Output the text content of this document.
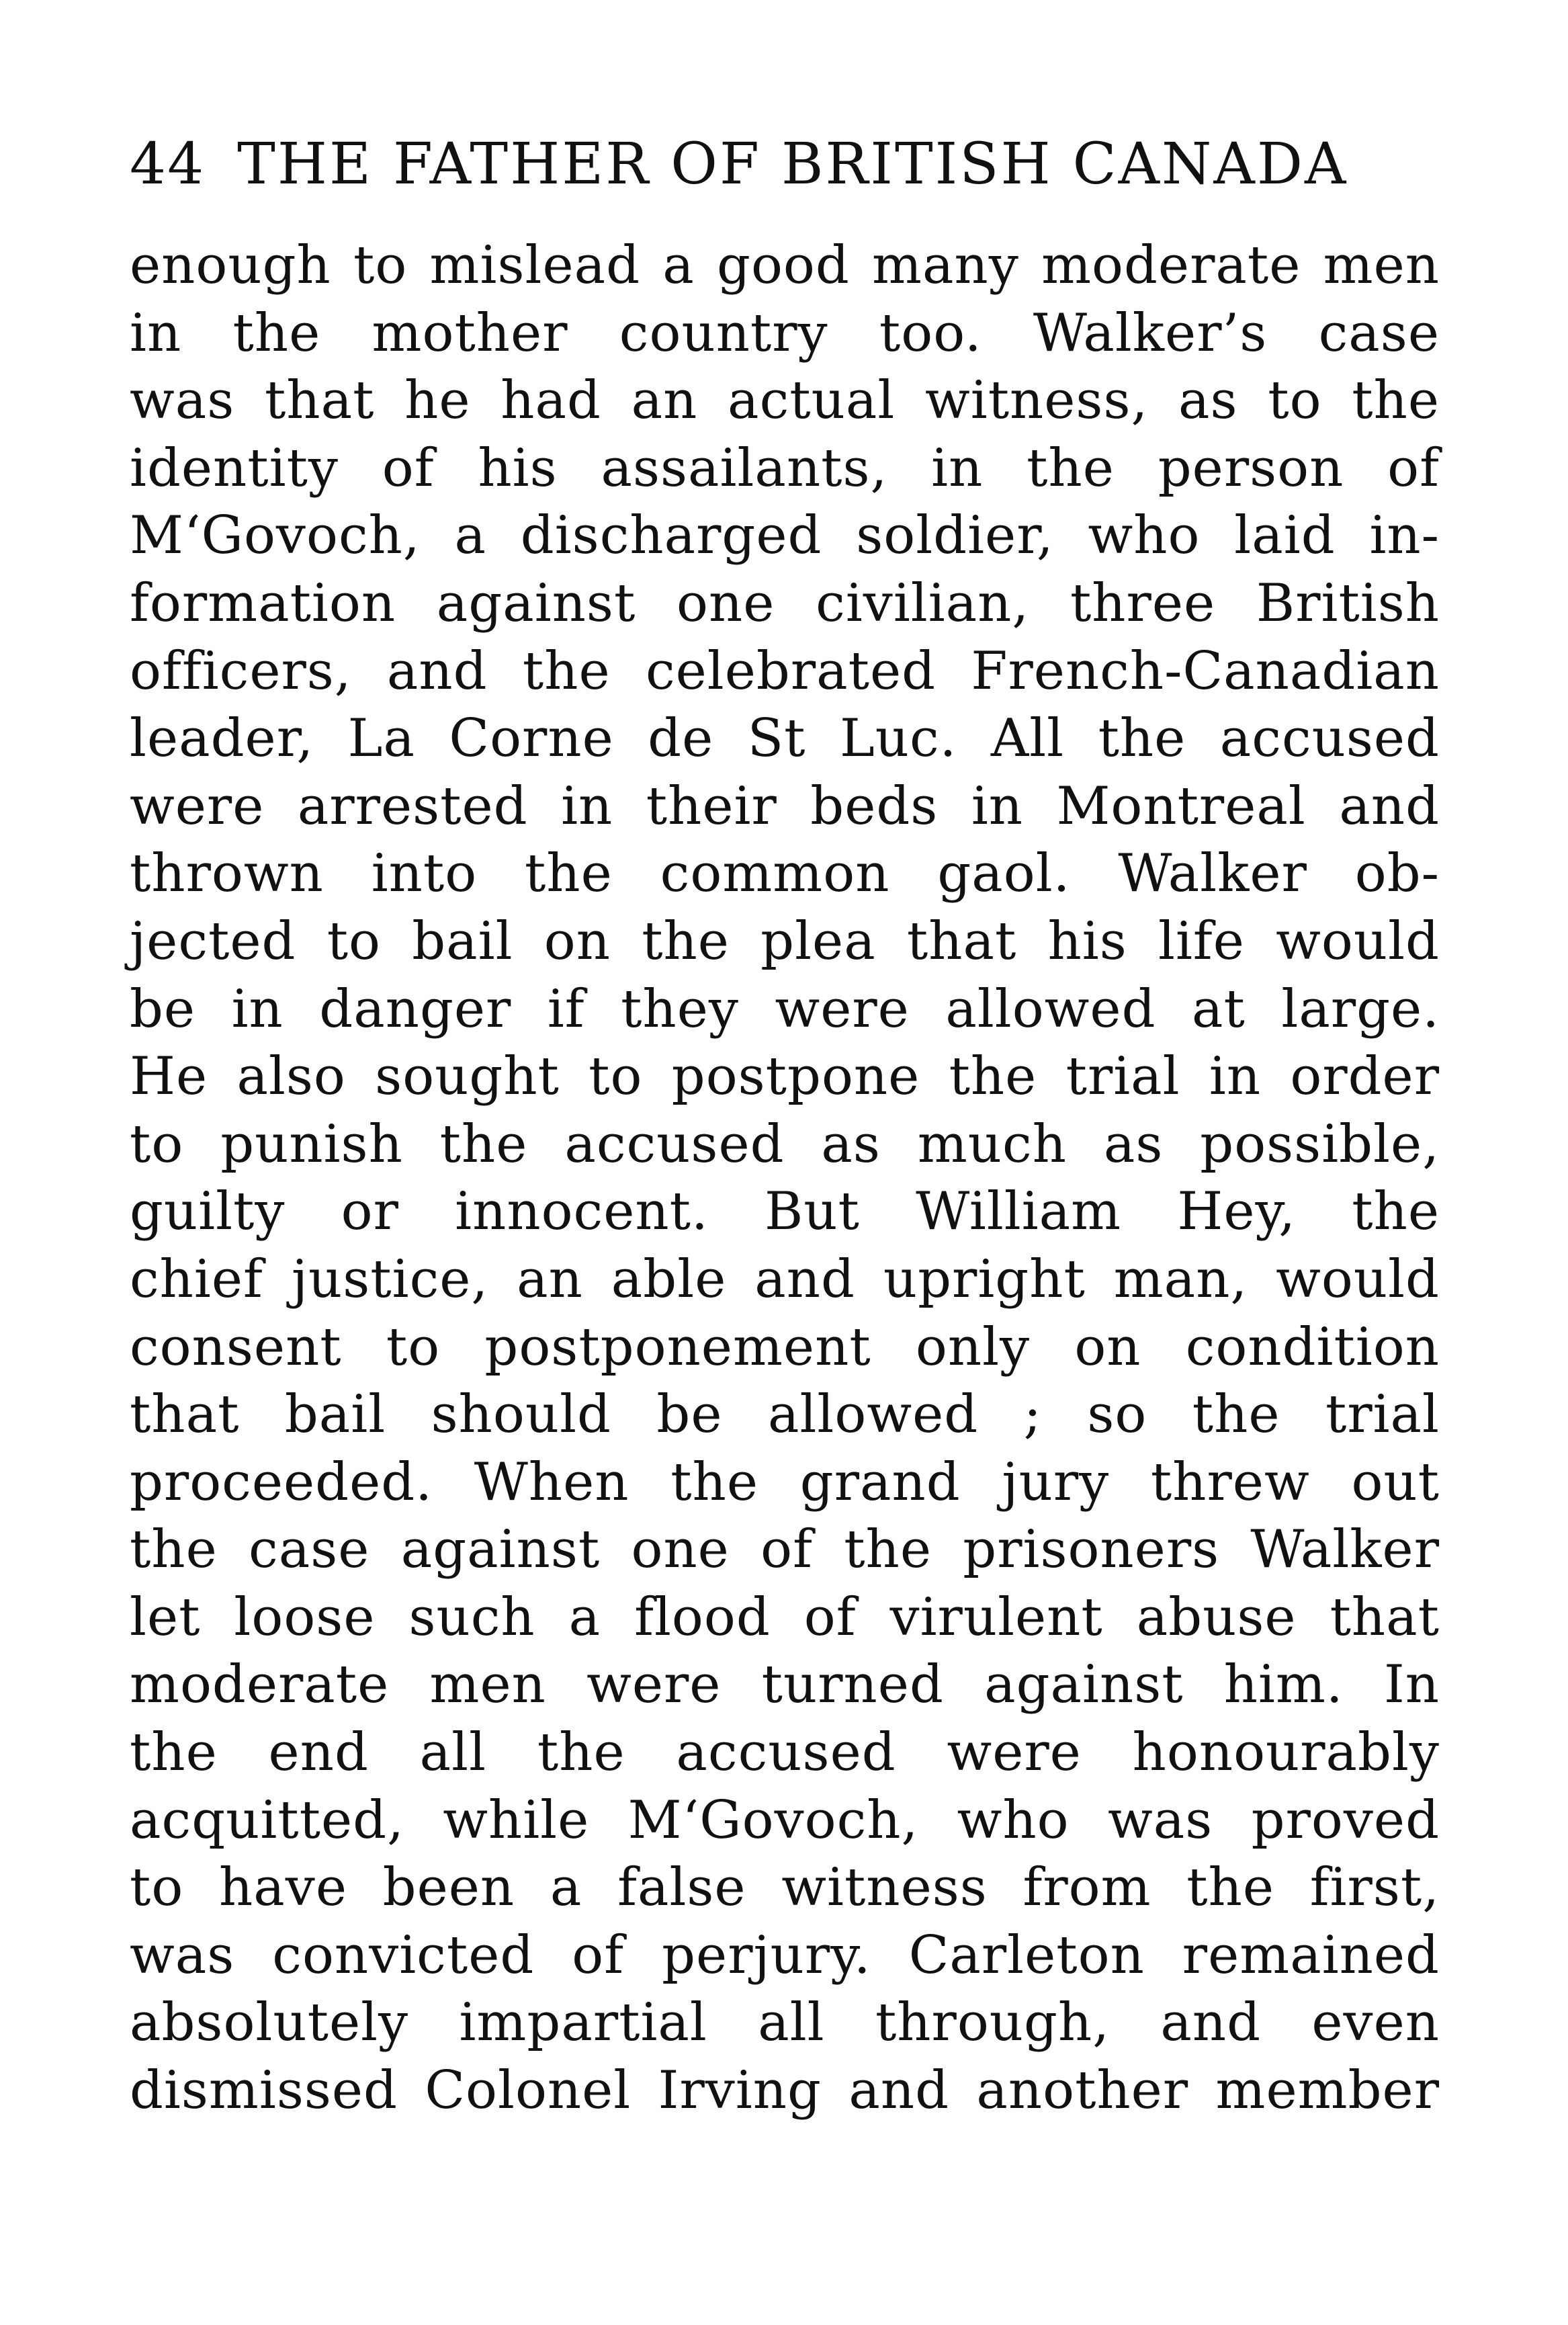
44 THE FATHER OF BRITISH CANADA
enough to mislead a good many moderate men
in the mother country too. Walker’s case
was that he had an actual witness, as to the
identity of his assailants, in the person of
M‘Govoch, a discharged soldier, who laid in-
formation against one civilian, three British
officers, and the celebrated French-Canadian
leader, La Corne de St Luc. All the accused
were arrested in their beds in Montreal and
thrown into the common gaol. Walker ob-
jected to bail on the plea that his life would
be in danger if they were allowed at large.
He also sought to postpone the trial in order
to punish the accused as much as possible,
guilty or innocent. But William Hey, the
chief justice, an able and upright man, would
consent to postponement only on condition
that bail should be allowed ; so the trial
proceeded. When the grand jury threw out
the case against one of the prisoners Walker
let loose such a flood of virulent abuse that
moderate men were turned against him. In
the end all the accused were honourably
acquitted, while M‘Govoch, who was proved
to have been a false witness from the first,
was convicted of perjury. Carleton remained
absolutely impartial all through, and even
dismissed Colonel Irving and another member
